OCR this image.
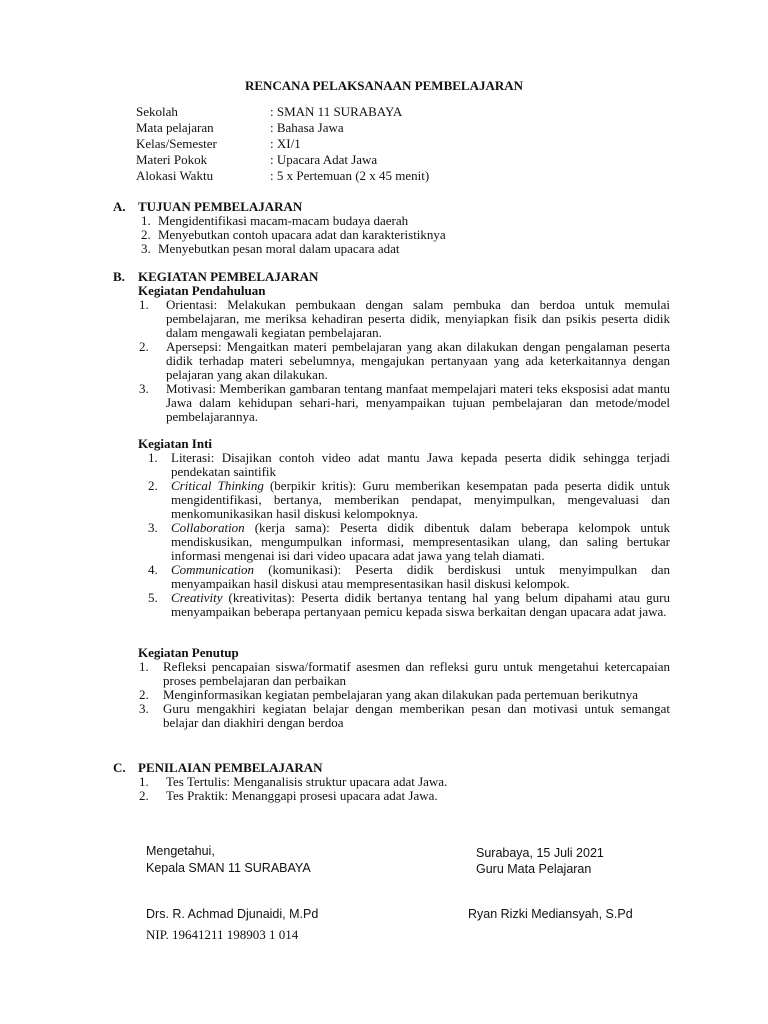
RENCANA PELAKSANAAN PEMBELAJARAN
Sekolah	: SMAN 11 SURABAYA
Mata pelajaran	: Bahasa Jawa
Kelas/Semester	: XI/1
Materi Pokok	: Upacara Adat Jawa
Alokasi Waktu	: 5 x Pertemuan (2 x 45 menit)
A. TUJUAN PEMBELAJARAN
1. Mengidentifikasi macam-macam budaya daerah
2. Menyebutkan contoh upacara adat dan karakteristiknya
3. Menyebutkan pesan moral dalam upacara adat
B. KEGIATAN PEMBELAJARAN
Kegiatan Pendahuluan
1. Orientasi: Melakukan pembukaan dengan salam pembuka dan berdoa untuk memulai pembelajaran, me meriksa kehadiran peserta didik, menyiapkan fisik dan psikis peserta didik dalam mengawali kegiatan pembelajaran.
2. Apersepsi: Mengaitkan materi pembelajaran yang akan dilakukan dengan pengalaman peserta didik terhadap materi sebelumnya, mengajukan pertanyaan yang ada keterkaitannya dengan pelajaran yang akan dilakukan.
3. Motivasi: Memberikan gambaran tentang manfaat mempelajari materi teks eksposisi adat mantu Jawa dalam kehidupan sehari-hari, menyampaikan tujuan pembelajaran dan metode/model pembelajarannya.
Kegiatan Inti
1. Literasi: Disajikan contoh video adat mantu Jawa kepada peserta didik sehingga terjadi pendekatan saintifik
2. Critical Thinking (berpikir kritis): Guru memberikan kesempatan pada peserta didik untuk mengidentifikasi, bertanya, memberikan pendapat, menyimpulkan, mengevaluasi dan menkomunikasikan hasil diskusi kelompoknya.
3. Collaboration (kerja sama): Peserta didik dibentuk dalam beberapa kelompok untuk mendiskusikan, mengumpulkan informasi, mempresentasikan ulang, dan saling bertukar informasi mengenai isi dari video upacara adat jawa yang telah diamati.
4. Communication (komunikasi): Peserta didik berdiskusi untuk menyimpulkan dan menyampaikan hasil diskusi atau mempresentasikan hasil diskusi kelompok.
5. Creativity (kreativitas): Peserta didik bertanya tentang hal yang belum dipahami atau guru menyampaikan beberapa pertanyaan pemicu kepada siswa berkaitan dengan upacara adat jawa.
Kegiatan Penutup
1. Refleksi pencapaian siswa/formatif asesmen dan refleksi guru untuk mengetahui ketercapaian proses pembelajaran dan perbaikan
2. Menginformasikan kegiatan pembelajaran yang akan dilakukan pada pertemuan berikutnya
3. Guru mengakhiri kegiatan belajar dengan memberikan pesan dan motivasi untuk semangat belajar dan diakhiri dengan berdoa
C. PENILAIAN PEMBELAJARAN
1. Tes Tertulis: Menganalisis struktur upacara adat Jawa.
2. Tes Praktik: Menanggapi prosesi upacara adat Jawa.
Mengetahui,
Kepala SMAN 11 SURABAYA
Surabaya, 15 Juli 2021
Guru Mata Pelajaran
Drs. R. Achmad Djunaidi, M.Pd	Ryan Rizki Mediansyah, S.Pd
NIP. 19641211 198903 1 014
